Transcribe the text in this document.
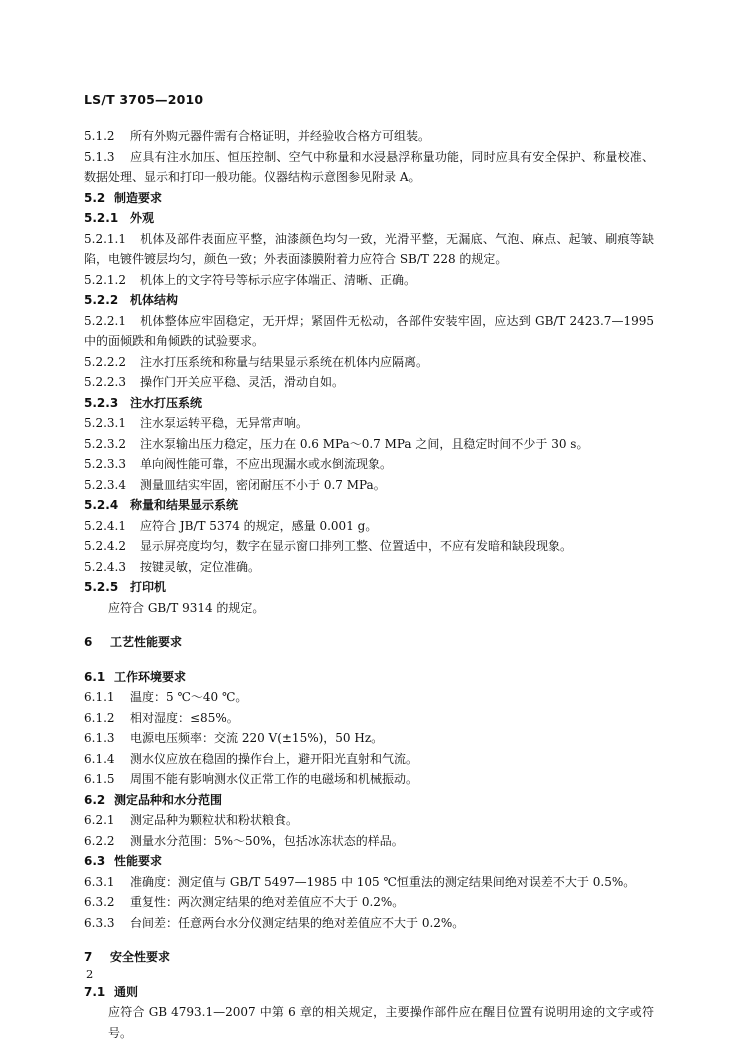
LS/T 3705—2010
5.1.2 所有外购元器件需有合格证明，并经验收合格方可组装。
5.1.3 应具有注水加压、恒压控制、空气中称量和水浸悬浮称量功能，同时应具有安全保护、称量校准、数据处理、显示和打印一般功能。仪器结构示意图参见附录 A。
5.2 制造要求
5.2.1 外观
5.2.1.1 机体及部件表面应平整，油漆颜色均匀一致，光滑平整，无漏底、气泡、麻点、起皱、刷痕等缺陷，电镀件镀层均匀，颜色一致；外表面漆膜附着力应符合 SB/T 228 的规定。
5.2.1.2 机体上的文字符号等标示应字体端正、清晰、正确。
5.2.2 机体结构
5.2.2.1 机体整体应牢固稳定，无开焊；紧固件无松动，各部件安装牢固，应达到 GB/T 2423.7—1995 中的面倾跌和角倾跌的试验要求。
5.2.2.2 注水打压系统和称量与结果显示系统在机体内应隔离。
5.2.2.3 操作门开关应平稳、灵活，滑动自如。
5.2.3 注水打压系统
5.2.3.1 注水泵运转平稳，无异常声响。
5.2.3.2 注水泵输出压力稳定，压力在 0.6 MPa～0.7 MPa 之间，且稳定时间不少于 30 s。
5.2.3.3 单向阀性能可靠，不应出现漏水或水倒流现象。
5.2.3.4 测量皿结实牢固，密闭耐压不小于 0.7 MPa。
5.2.4 称量和结果显示系统
5.2.4.1 应符合 JB/T 5374 的规定，感量 0.001 g。
5.2.4.2 显示屏亮度均匀，数字在显示窗口排列工整、位置适中，不应有发暗和缺段现象。
5.2.4.3 按键灵敏，定位准确。
5.2.5 打印机
应符合 GB/T 9314 的规定。
6 工艺性能要求
6.1 工作环境要求
6.1.1 温度：5 ℃～40 ℃。
6.1.2 相对湿度：≤85%。
6.1.3 电源电压频率：交流 220 V(±15%)，50 Hz。
6.1.4 测水仪应放在稳固的操作台上，避开阳光直射和气流。
6.1.5 周围不能有影响测水仪正常工作的电磁场和机械振动。
6.2 测定品种和水分范围
6.2.1 测定品种为颗粒状和粉状粮食。
6.2.2 测量水分范围：5%～50%，包括冰冻状态的样品。
6.3 性能要求
6.3.1 准确度：测定值与 GB/T 5497—1985 中 105 ℃恒重法的测定结果间绝对误差不大于 0.5%。
6.3.2 重复性：两次测定结果的绝对差值应不大于 0.2%。
6.3.3 台间差：任意两台水分仪测定结果的绝对差值应不大于 0.2%。
7 安全性要求
7.1 通则
应符合 GB 4793.1—2007 中第 6 章的相关规定，主要操作部件应在醒目位置有说明用途的文字或符号。
2
